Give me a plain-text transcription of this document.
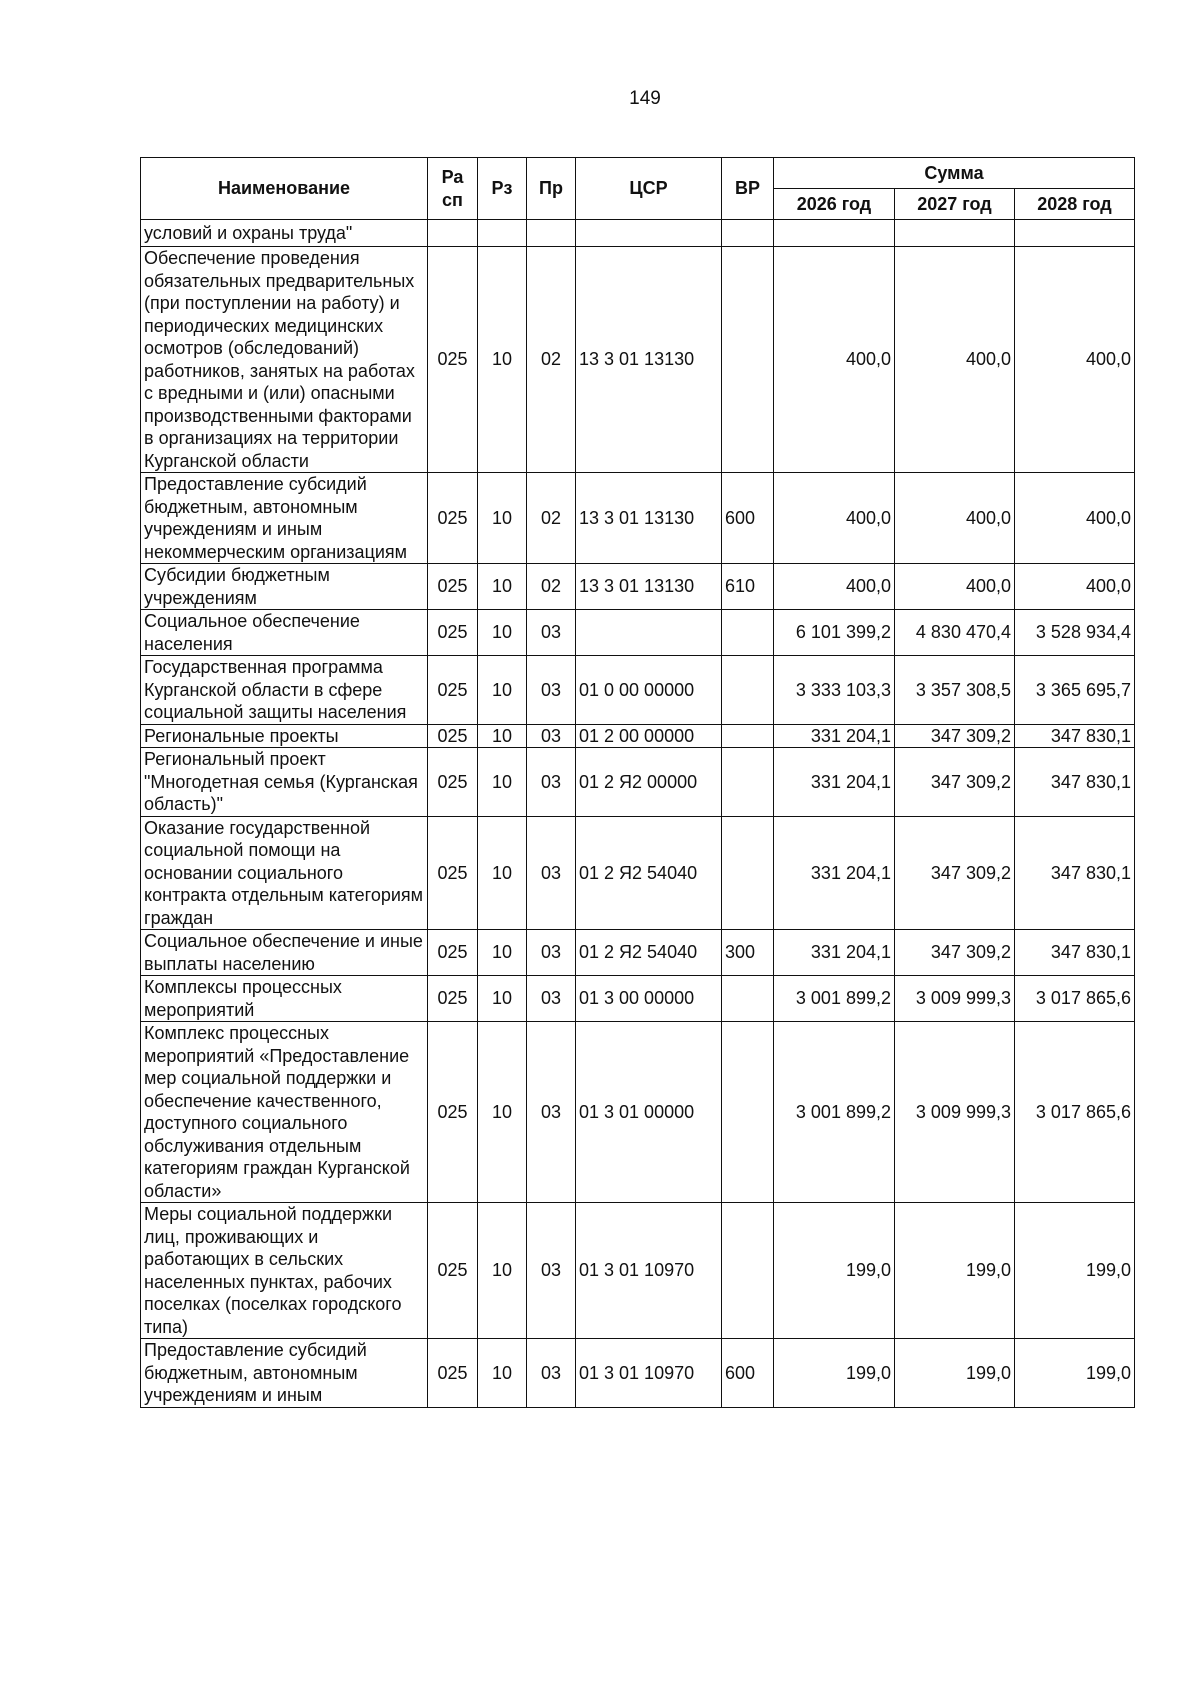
149
Наименование	Ра сп	Рз	Пр	ЦСР	ВР	Сумма		
						2026 год	2027 год	2028 год
условий и охраны труда"								
Обеспечение проведения обязательных предварительных (при поступлении на работу) и периодических медицинских осмотров (обследований) работников, занятых на работах с вредными и (или) опасными производственными факторами в организациях на территории Курганской области	025	10	02	13 3 01 13130		400,0	400,0	400,0
Предоставление субсидий бюджетным, автономным учреждениям и иным некоммерческим организациям	025	10	02	13 3 01 13130	600	400,0	400,0	400,0
Субсидии бюджетным учреждениям	025	10	02	13 3 01 13130	610	400,0	400,0	400,0
Социальное обеспечение населения	025	10	03			6 101 399,2	4 830 470,4	3 528 934,4
Государственная программа Курганской области в сфере социальной защиты населения	025	10	03	01 0 00 00000		3 333 103,3	3 357 308,5	3 365 695,7
Региональные проекты	025	10	03	01 2 00 00000		331 204,1	347 309,2	347 830,1
Региональный проект "Многодетная семья (Курганская область)"	025	10	03	01 2 Я2 00000		331 204,1	347 309,2	347 830,1
Оказание государственной социальной помощи на основании социального контракта отдельным категориям граждан	025	10	03	01 2 Я2 54040		331 204,1	347 309,2	347 830,1
Социальное обеспечение и иные выплаты населению	025	10	03	01 2 Я2 54040	300	331 204,1	347 309,2	347 830,1
Комплексы процессных мероприятий	025	10	03	01 3 00 00000		3 001 899,2	3 009 999,3	3 017 865,6
Комплекс процессных мероприятий «Предоставление мер социальной поддержки и обеспечение качественного, доступного социального обслуживания отдельным категориям граждан Курганской области»	025	10	03	01 3 01 00000		3 001 899,2	3 009 999,3	3 017 865,6
Меры социальной поддержки лиц, проживающих и работающих в сельских населенных пунктах, рабочих поселках (поселках городского типа)	025	10	03	01 3 01 10970		199,0	199,0	199,0
Предоставление субсидий бюджетным, автономным учреждениям и иным	025	10	03	01 3 01 10970	600	199,0	199,0	199,0
